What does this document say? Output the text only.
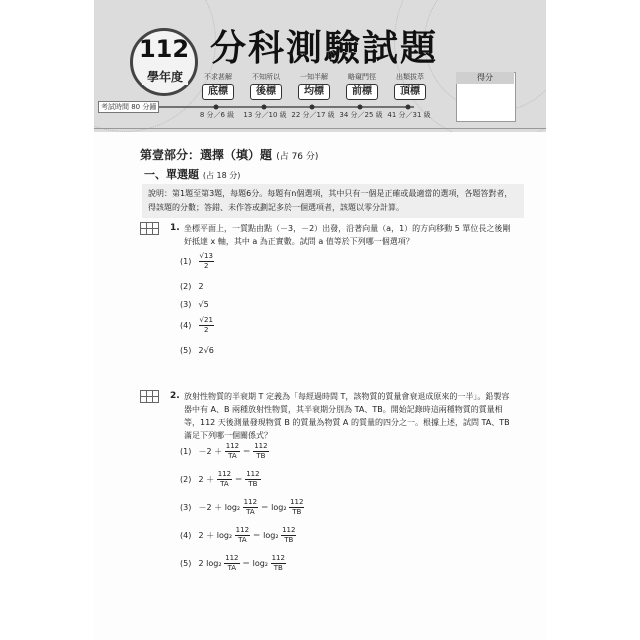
112
學年度
分科測驗試題
不求甚解
底標
8 分／6 級
不知所以
後標
13 分／10 級
一知半解
均標
22 分／17 級
略窺門徑
前標
34 分／25 級
出類拔萃
頂標
41 分／31 級
考試時間 80 分鐘
得分
第壹部分：選擇（填）題 (占 76 分)
一、單選題 (占 18 分)
說明：第1題至第3題，每題6分。每題有n個選項，其中只有一個是正確或最適當的選項，各題答對者，得該題的分數；答錯、未作答或劃記多於一個選項者，該題以零分計算。
1. 坐標平面上，一質點由點（－3，－2）出發，沿著向量（a，1）的方向移動 5 單位長之後剛好抵達 x 軸，其中 a 為正實數。試問 a 值等於下列哪一個選項？
$(1) \frac{√13}{2}$
(2) 2
(3) √5
$(4) \frac{√21}{2}$
(5) 2√6
2. 放射性物質的半衰期 T 定義為「每經過時間 T，該物質的質量會衰退成原來的一半」。鉛製容器中有 A、B 兩種放射性物質，其半衰期分別為 TA、TB。開始記錄時這兩種物質的質量相等，112 天後測量發現物質 B 的質量為物質 A 的質量的四分之一。根據上述，試問 TA、TB 滿足下列哪一個關係式？
$(1) -2 + \frac{112}{TA} = \frac{112}{TB}$
(2) $2 + \frac{112}{TA} = \frac{112}{TB}$
$(3) -2 + \log_2 \frac{112}{TA} = \log_2 \frac{112}{TB}$
(4) $2 + \log_2 \frac{112}{TA} = \log_2 \frac{112}{TB}$
(5) 2 $\log_2 \frac{112}{TA} = \log_2 \frac{112}{TB}$
